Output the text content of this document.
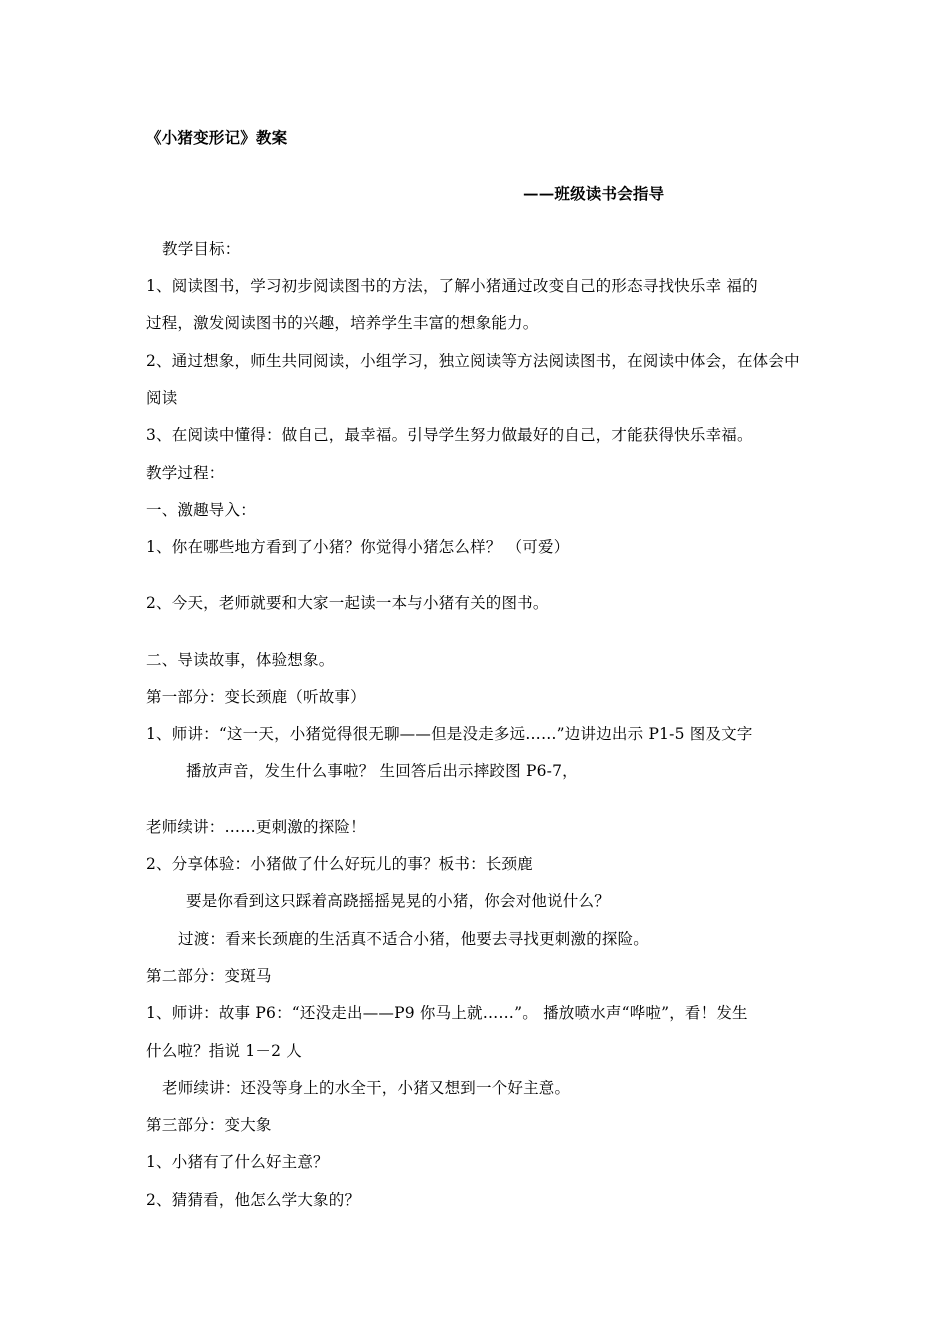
《小猪变形记》教案
——班级读书会指导
教学目标：
1、阅读图书，学习初步阅读图书的方法，了解小猪通过改变自己的形态寻找快乐幸 福的
过程，激发阅读图书的兴趣，培养学生丰富的想象能力。
2、通过想象，师生共同阅读，小组学习，独立阅读等方法阅读图书，在阅读中体会，在体会中
阅读
3、在阅读中懂得：做自己，最幸福。引导学生努力做最好的自己，才能获得快乐幸福。
教学过程：
一、激趣导入：
1、你在哪些地方看到了小猪？你觉得小猪怎么样？ （可爱）
2、今天，老师就要和大家一起读一本与小猪有关的图书。
二、导读故事，体验想象。
第一部分：变长颈鹿（听故事）
1、师讲：“这一天，小猪觉得很无聊——但是没走多远……”边讲边出示 P1-5 图及文字
播放声音，发生什么事啦？ 生回答后出示摔跤图 P6-7，
老师续讲：……更刺激的探险！
2、分享体验：小猪做了什么好玩儿的事？板书：长颈鹿
要是你看到这只踩着高跷摇摇晃晃的小猪，你会对他说什么？
过渡：看来长颈鹿的生活真不适合小猪，他要去寻找更刺激的探险。
第二部分：变斑马
1、师讲：故事 P6：“还没走出——P9 你马上就……”。 播放喷水声“哗啦”，看！发生
什么啦？指说 1－2 人
老师续讲：还没等身上的水全干，小猪又想到一个好主意。
第三部分：变大象
1、小猪有了什么好主意？
2、猜猜看，他怎么学大象的？
